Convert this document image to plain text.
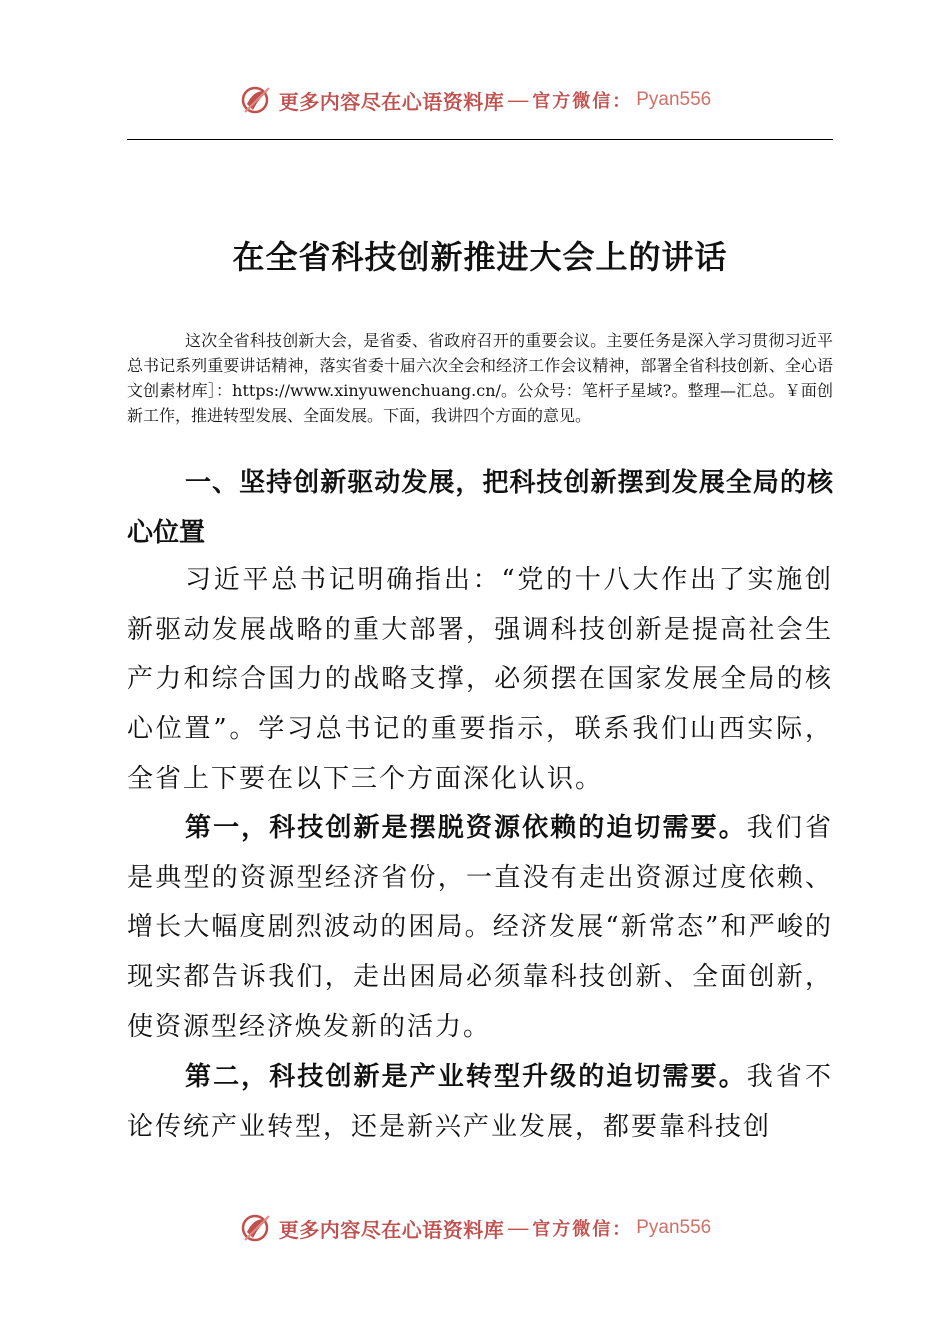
更多内容尽在心语资料库 — 官方微信： Pyan556
在全省科技创新推进大会上的讲话

这次全省科技创新大会，是省委、省政府召开的重要会议。主要任务是深入学习贯彻习近平总书记系列重要讲话精神，落实省委十届六次全会和经济工作会议精神，部署全省科技创新、全心语文创素材库］：https://www.xinyuwenchuang.cn/。公众号：笔杆子星域?。整理—汇总。￥面创新工作，推进转型发展、全面发展。下面，我讲四个方面的意见。

一、坚持创新驱动发展，把科技创新摆到发展全局的核心位置

习近平总书记明确指出：“党的十八大作出了实施创新驱动发展战略的重大部署，强调科技创新是提高社会生产力和综合国力的战略支撑，必须摆在国家发展全局的核心位置”。学习总书记的重要指示，联系我们山西实际，全省上下要在以下三个方面深化认识。

第一，科技创新是摆脱资源依赖的迫切需要。我们省是典型的资源型经济省份，一直没有走出资源过度依赖、增长大幅度剧烈波动的困局。经济发展“新常态”和严峻的现实都告诉我们，走出困局必须靠科技创新、全面创新，使资源型经济焕发新的活力。

第二，科技创新是产业转型升级的迫切需要。我省不论传统产业转型，还是新兴产业发展，都要靠科技创

更多内容尽在心语资料库 — 官方微信： Pyan556
